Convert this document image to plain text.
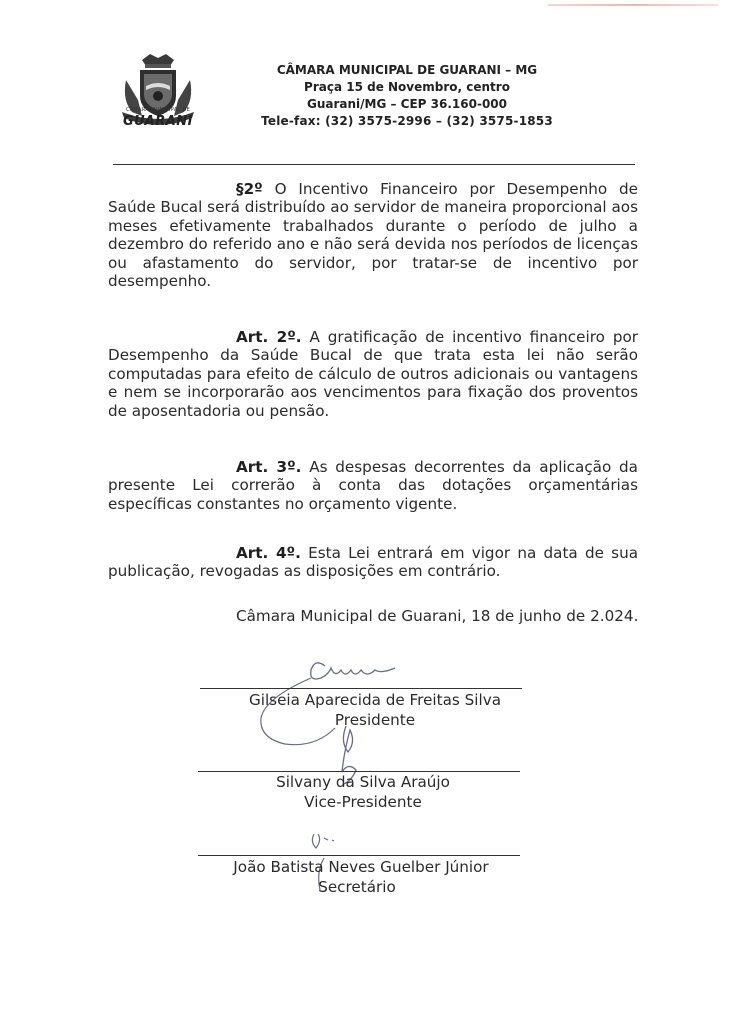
CÂMARA MUNICIPAL DE
GUARANI
CÂMARA MUNICIPAL DE GUARANI – MG
Praça 15 de Novembro, centro
Guarani/MG – CEP 36.160-000
Tele-fax: (32) 3575-2996 – (32) 3575-1853
§2º O Incentivo Financeiro por Desempenho de Saúde Bucal será distribuído ao servidor de maneira proporcional aos meses efetivamente trabalhados durante o período de julho a dezembro do referido ano e não será devida nos períodos de licenças ou afastamento do servidor, por tratar-se de incentivo por desempenho.
Art. 2º. A gratificação de incentivo financeiro por Desempenho da Saúde Bucal de que trata esta lei não serão computadas para efeito de cálculo de outros adicionais ou vantagens e nem se incorporarão aos vencimentos para fixação dos proventos de aposentadoria ou pensão.
Art. 3º. As despesas decorrentes da aplicação da presente Lei correrão à conta das dotações orçamentárias específicas constantes no orçamento vigente.
Art. 4º. Esta Lei entrará em vigor na data de sua publicação, revogadas as disposições em contrário.
Câmara Municipal de Guarani, 18 de junho de 2.024.
Gilseia Aparecida de Freitas Silva
Presidente
Silvany da Silva Araújo
Vice-Presidente
João Batista Neves Guelber Júnior
Secretário
